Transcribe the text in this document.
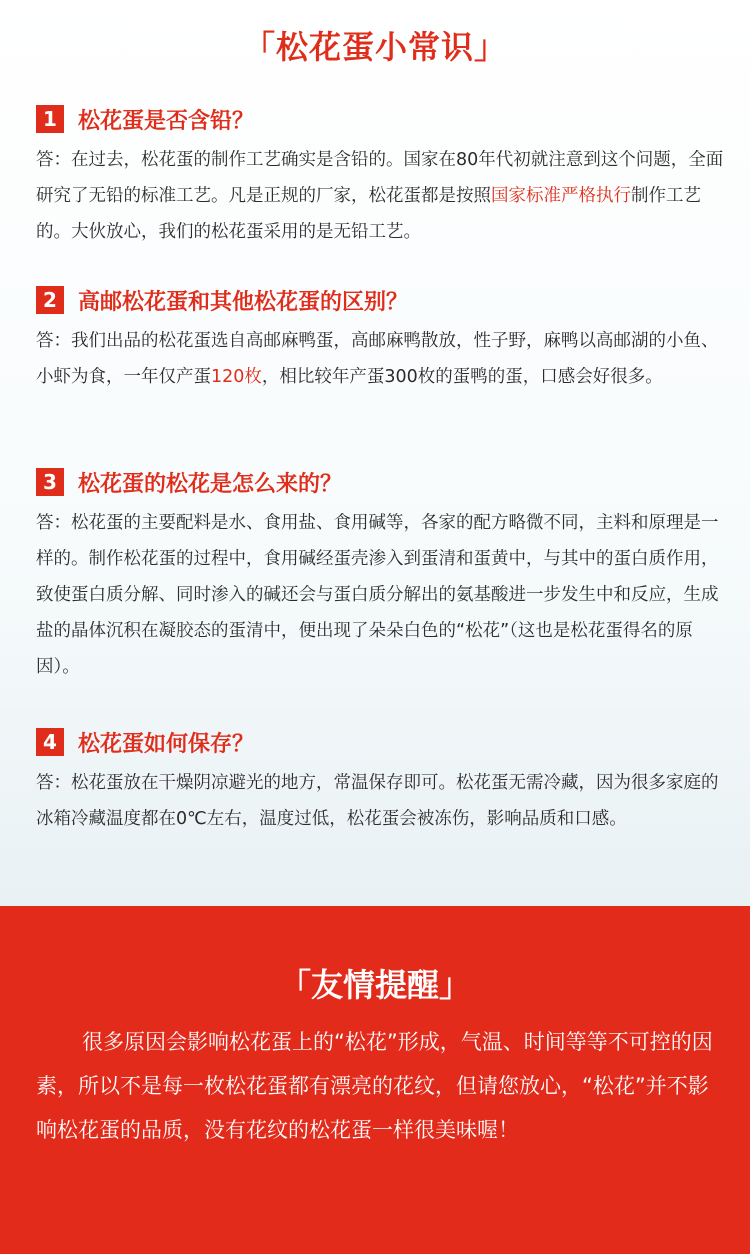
「松花蛋小常识」
1 松花蛋是否含铅？
答：在过去，松花蛋的制作工艺确实是含铅的。国家在80年代初就注意到这个问题，全面研究了无铅的标准工艺。凡是正规的厂家，松花蛋都是按照国家标准严格执行制作工艺的。大伙放心，我们的松花蛋采用的是无铅工艺。
2 高邮松花蛋和其他松花蛋的区别？
答：我们出品的松花蛋选自高邮麻鸭蛋，高邮麻鸭散放，性子野，麻鸭以高邮湖的小鱼、小虾为食，一年仅产蛋120枚，相比较年产蛋300枚的蛋鸭的蛋，口感会好很多。
3 松花蛋的松花是怎么来的？
答：松花蛋的主要配料是水、食用盐、食用碱等，各家的配方略微不同，主料和原理是一样的。制作松花蛋的过程中，食用碱经蛋壳渗入到蛋清和蛋黄中，与其中的蛋白质作用，致使蛋白质分解、同时渗入的碱还会与蛋白质分解出的氨基酸进一步发生中和反应，生成盐的晶体沉积在凝胶态的蛋清中，便出现了朵朵白色的“松花”（这也是松花蛋得名的原因）。
4 松花蛋如何保存？
答：松花蛋放在干燥阴凉避光的地方，常温保存即可。松花蛋无需冷藏，因为很多家庭的冰箱冷藏温度都在0℃左右，温度过低，松花蛋会被冻伤，影响品质和口感。
「友情提醒」
很多原因会影响松花蛋上的“松花”形成，气温、时间等等不可控的因素，所以不是每一枚松花蛋都有漂亮的花纹，但请您放心，“松花”并不影响松花蛋的品质，没有花纹的松花蛋一样很美味喔！
